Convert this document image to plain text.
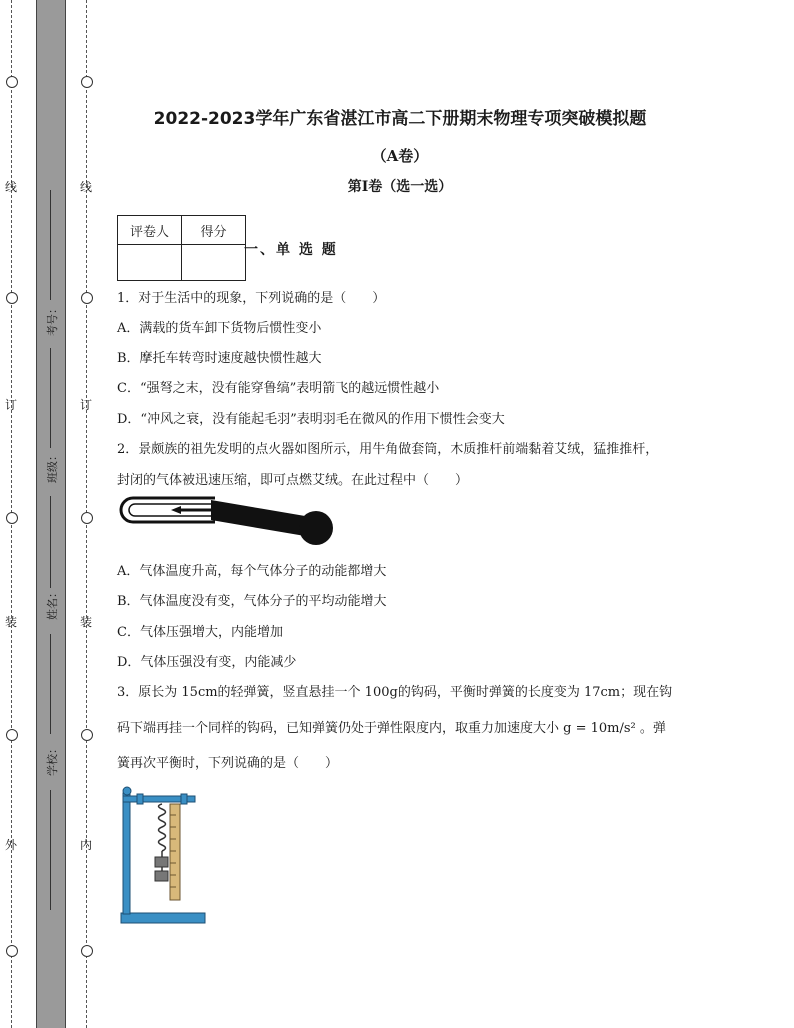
线
订
装
外
线
订
装
内
考号：
班级：
姓名：
学校：
2022-2023学年广东省湛江市高二下册期末物理专项突破模拟题
（A卷）
第I卷（选一选）
评卷人	得分

一、单 选 题
1．对于生活中的现象，下列说确的是（　　）
A．满载的货车卸下货物后惯性变小
B．摩托车转弯时速度越快惯性越大
C．“强弩之末，没有能穿鲁缟”表明箭飞的越远惯性越小
D．“冲风之衰，没有能起毛羽”表明羽毛在微风的作用下惯性会变大
2．景颇族的祖先发明的点火器如图所示，用牛角做套筒，木质推杆前端黏着艾绒，猛推推杆，
封闭的气体被迅速压缩，即可点燃艾绒。在此过程中（　　）
A．气体温度升高，每个气体分子的动能都增大
B．气体温度没有变，气体分子的平均动能增大
C．气体压强增大，内能增加
D．气体压强没有变，内能减少
3．原长为 15cm的轻弹簧，竖直悬挂一个 100g的钩码，平衡时弹簧的长度变为 17cm；现在钩
码下端再挂一个同样的钩码，已知弹簧仍处于弹性限度内，取重力加速度大小 g = 10m/s² 。弹
簧再次平衡时，下列说确的是（　　）
